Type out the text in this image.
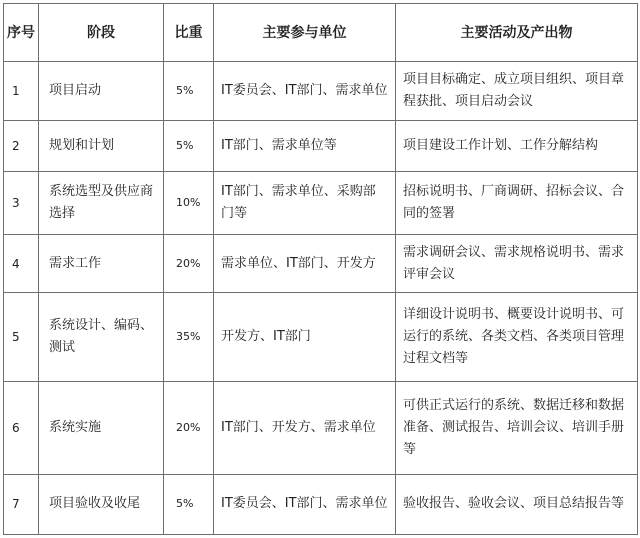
序号	阶段	比重	主要参与单位	主要活动及产出物
1	项目启动	5%	IT委员会、IT部门、需求单位	项目目标确定、成立项目组织、项目章程获批、项目启动会议
2	规划和计划	5%	IT部门、需求单位等	项目建设工作计划、工作分解结构
3	系统选型及供应商选择	10%	IT部门、需求单位、采购部门等	招标说明书、厂商调研、招标会议、合同的签署
4	需求工作	20%	需求单位、IT部门、开发方	需求调研会议、需求规格说明书、需求评审会议
5	系统设计、编码、测试	35%	开发方、IT部门	详细设计说明书、概要设计说明书、可运行的系统、各类文档、各类项目管理过程文档等
6	系统实施	20%	IT部门、开发方、需求单位	可供正式运行的系统、数据迁移和数据准备、测试报告、培训会议、培训手册等
7	项目验收及收尾	5%	IT委员会、IT部门、需求单位	验收报告、验收会议、项目总结报告等
